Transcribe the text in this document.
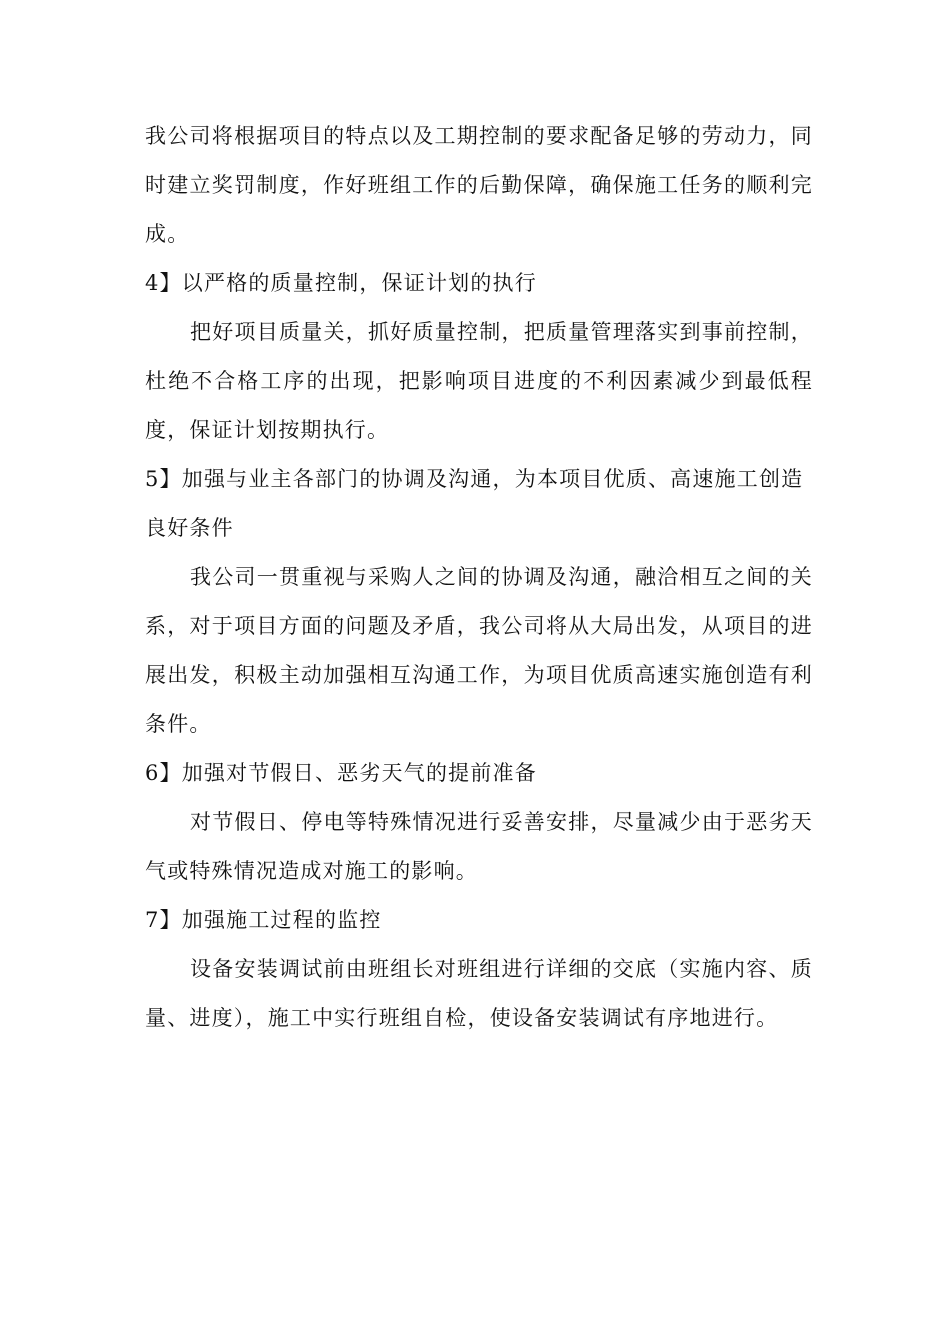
我公司将根据项目的特点以及工期控制的要求配备足够的劳动力，同时建立奖罚制度，作好班组工作的后勤保障，确保施工任务的顺利完成。

4】以严格的质量控制，保证计划的执行

把好项目质量关，抓好质量控制，把质量管理落实到事前控制，杜绝不合格工序的出现，把影响项目进度的不利因素减少到最低程度，保证计划按期执行。

5】加强与业主各部门的协调及沟通，为本项目优质、高速施工创造良好条件

我公司一贯重视与采购人之间的协调及沟通，融洽相互之间的关系，对于项目方面的问题及矛盾，我公司将从大局出发，从项目的进展出发，积极主动加强相互沟通工作，为项目优质高速实施创造有利条件。

6】加强对节假日、恶劣天气的提前准备

对节假日、停电等特殊情况进行妥善安排，尽量减少由于恶劣天气或特殊情况造成对施工的影响。

7】加强施工过程的监控

设备安装调试前由班组长对班组进行详细的交底（实施内容、质量、进度），施工中实行班组自检，使设备安装调试有序地进行。
